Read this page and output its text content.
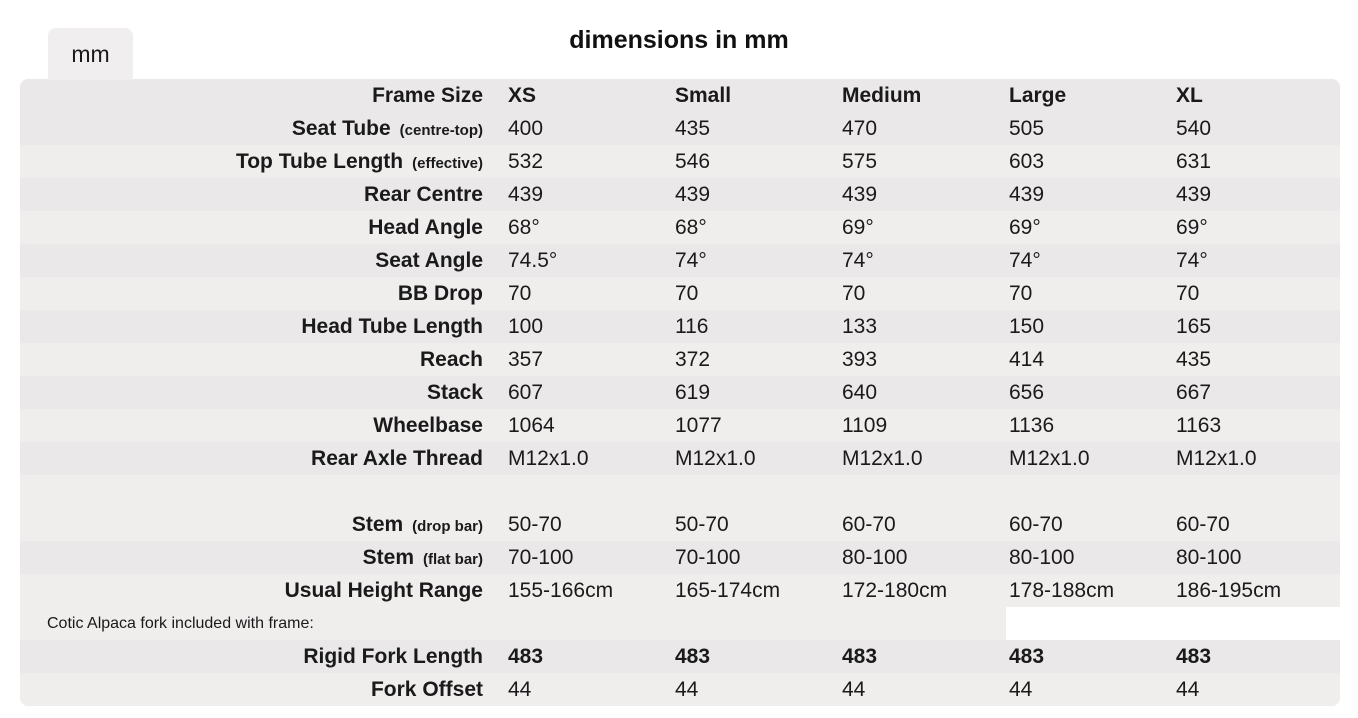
mm	dimensions in mm
Frame Size	XS	Small	Medium	Large	XL
Seat Tube (centre-top)	400	435	470	505	540
Top Tube Length (effective)	532	546	575	603	631
Rear Centre	439	439	439	439	439
Head Angle	68°	68°	69°	69°	69°
Seat Angle	74.5°	74°	74°	74°	74°
BB Drop	70	70	70	70	70
Head Tube Length	100	116	133	150	165
Reach	357	372	393	414	435
Stack	607	619	640	656	667
Wheelbase	1064	1077	1109	1136	1163
Rear Axle Thread	M12x1.0	M12x1.0	M12x1.0	M12x1.0	M12x1.0

Stem (drop bar)	50-70	50-70	60-70	60-70	60-70
Stem (flat bar)	70-100	70-100	80-100	80-100	80-100
Usual Height Range	155-166cm	165-174cm	172-180cm	178-188cm	186-195cm
Cotic Alpaca fork included with frame:					
Rigid Fork Length	483	483	483	483	483
Fork Offset	44	44	44	44	44
